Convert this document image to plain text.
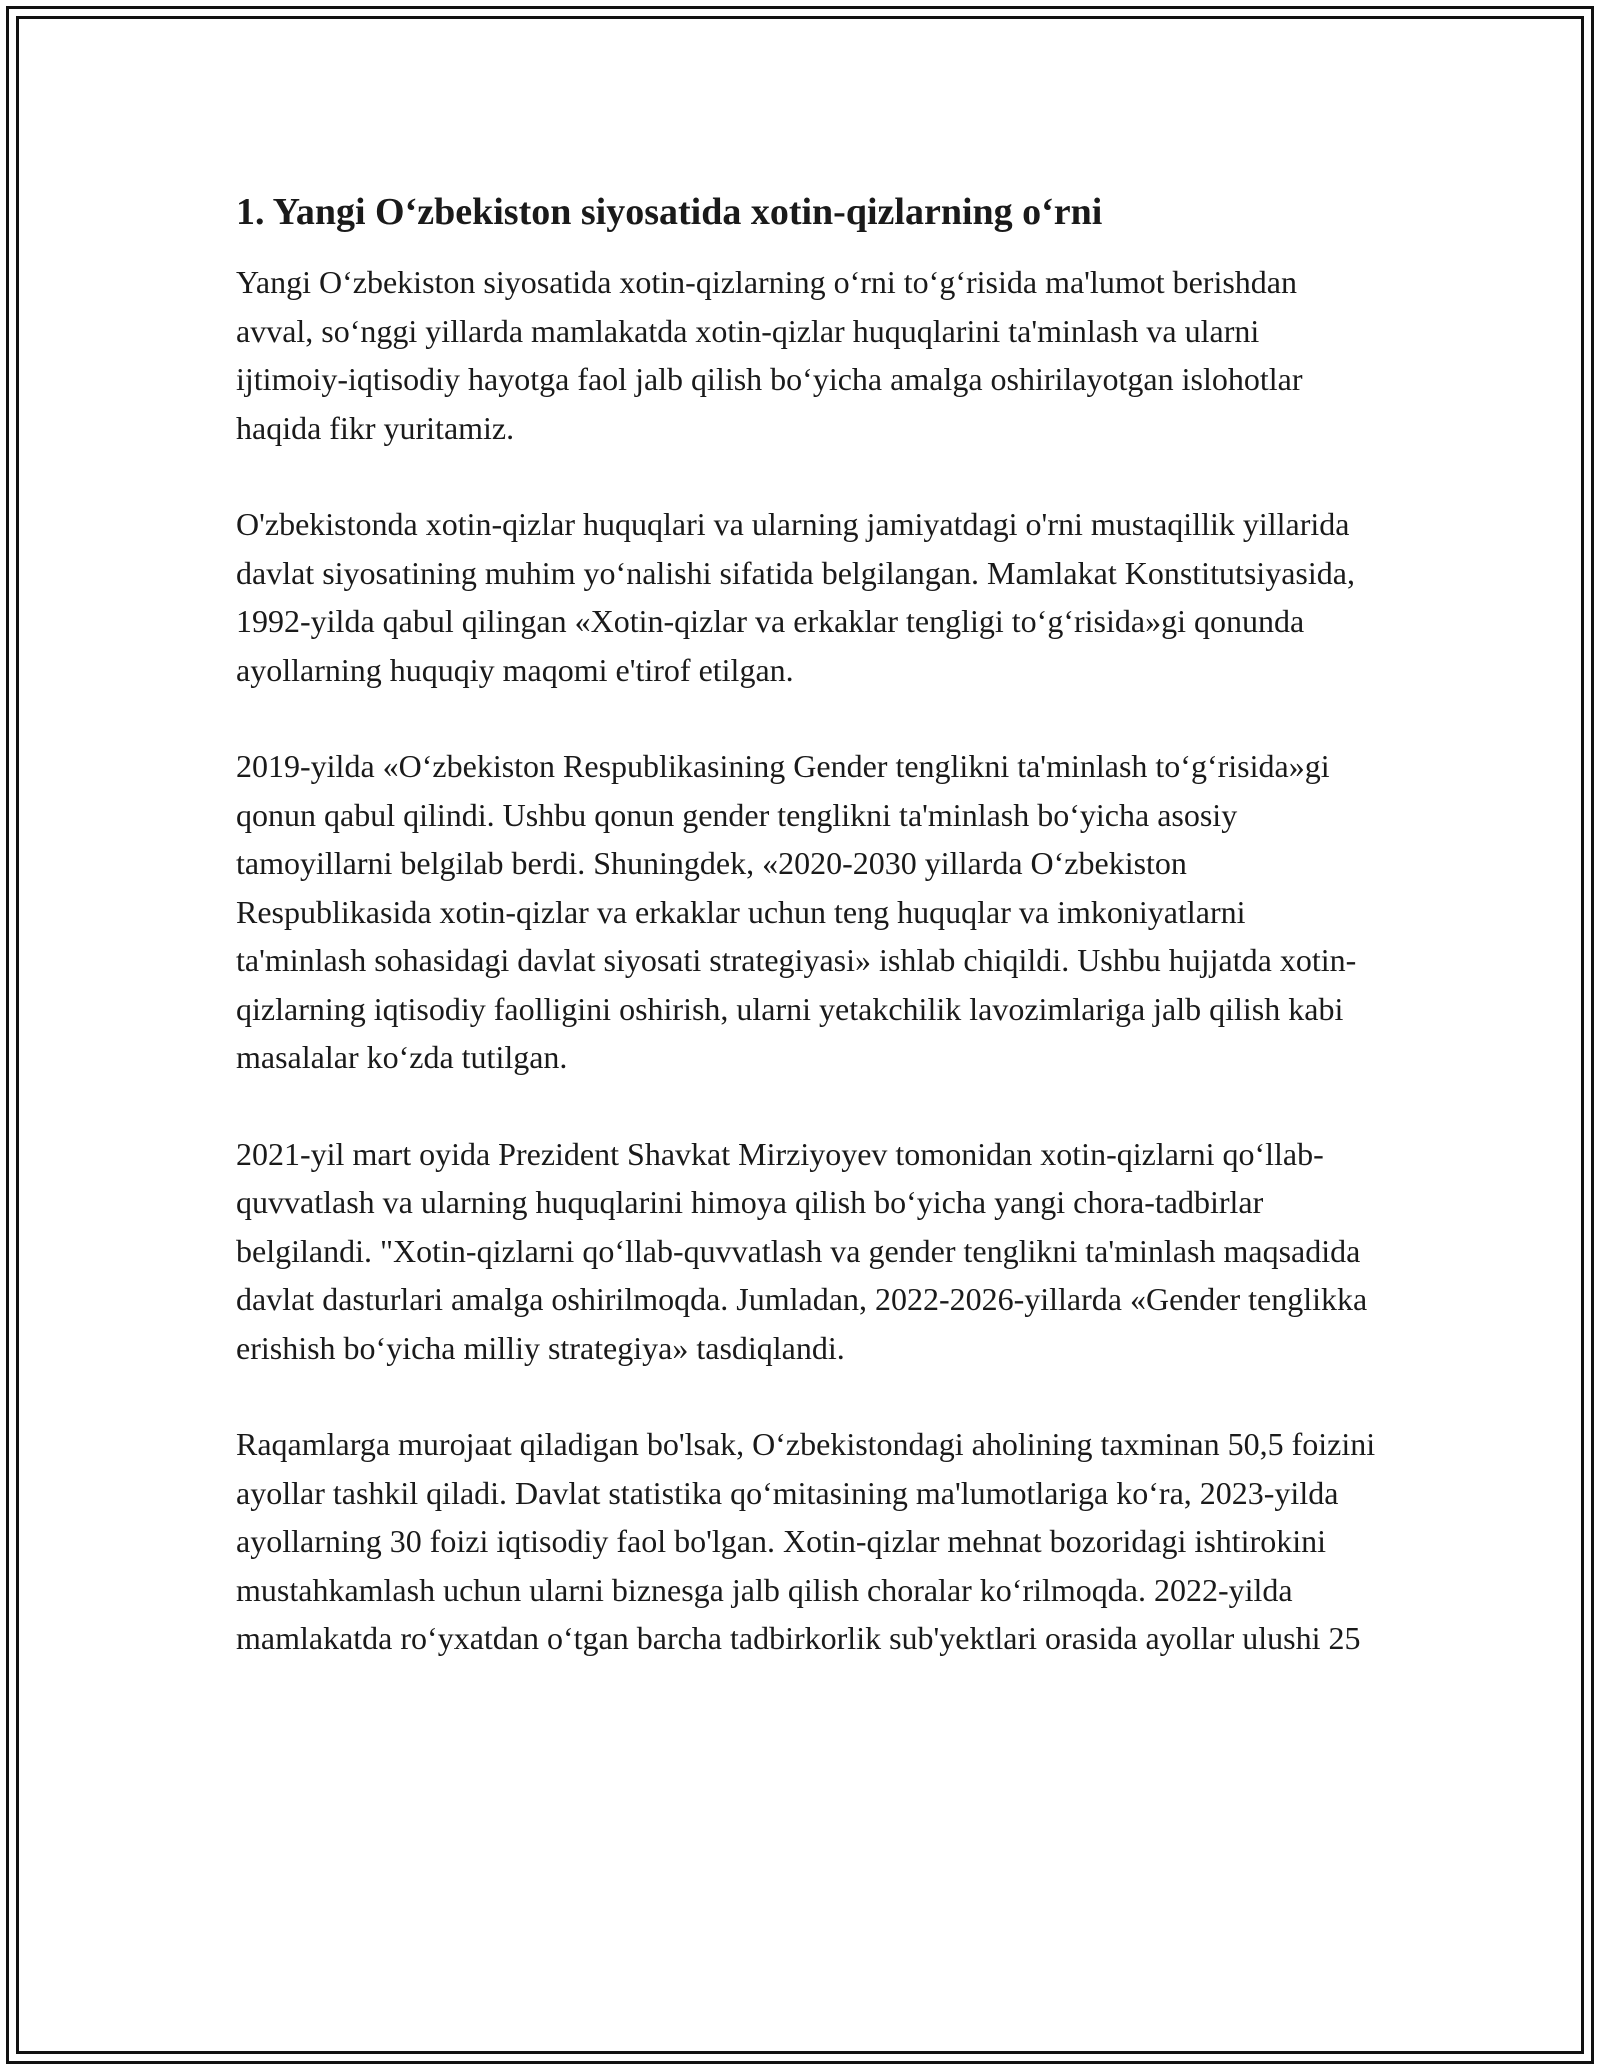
1. Yangi O‘zbekiston siyosatida xotin-qizlarning o‘rni

Yangi O‘zbekiston siyosatida xotin-qizlarning o‘rni to‘g‘risida ma'lumot berishdan avval, so‘nggi yillarda mamlakatda xotin-qizlar huquqlarini ta'minlash va ularni ijtimoiy-iqtisodiy hayotga faol jalb qilish bo‘yicha amalga oshirilayotgan islohotlar haqida fikr yuritamiz.

O'zbekistonda xotin-qizlar huquqlari va ularning jamiyatdagi o'rni mustaqillik yillarida davlat siyosatining muhim yo‘nalishi sifatida belgilangan. Mamlakat Konstitutsiyasida, 1992-yilda qabul qilingan «Xotin-qizlar va erkaklar tengligi to‘g‘risida»gi qonunda ayollarning huquqiy maqomi e'tirof etilgan.

2019-yilda «O‘zbekiston Respublikasining Gender tenglikni ta'minlash to‘g‘risida»gi qonun qabul qilindi. Ushbu qonun gender tenglikni ta'minlash bo‘yicha asosiy tamoyillarni belgilab berdi. Shuningdek, «2020-2030 yillarda O‘zbekiston Respublikasida xotin-qizlar va erkaklar uchun teng huquqlar va imkoniyatlarni ta'minlash sohasidagi davlat siyosati strategiyasi» ishlab chiqildi. Ushbu hujjatda xotin-qizlarning iqtisodiy faolligini oshirish, ularni yetakchilik lavozimlariga jalb qilish kabi masalalar ko‘zda tutilgan.

2021-yil mart oyida Prezident Shavkat Mirziyoyev tomonidan xotin-qizlarni qo‘llab-quvvatlash va ularning huquqlarini himoya qilish bo‘yicha yangi chora-tadbirlar belgilandi. "Xotin-qizlarni qo‘llab-quvvatlash va gender tenglikni ta'minlash maqsadida davlat dasturlari amalga oshirilmoqda. Jumladan, 2022-2026-yillarda «Gender tenglikka erishish bo‘yicha milliy strategiya» tasdiqlandi.

Raqamlarga murojaat qiladigan bo'lsak, O‘zbekistondagi aholining taxminan 50,5 foizini ayollar tashkil qiladi. Davlat statistika qo‘mitasining ma'lumotlariga ko‘ra, 2023-yilda ayollarning 30 foizi iqtisodiy faol bo'lgan. Xotin-qizlar mehnat bozoridagi ishtirokini mustahkamlash uchun ularni biznesga jalb qilish choralar ko‘rilmoqda. 2022-yilda mamlakatda ro‘yxatdan o‘tgan barcha tadbirkorlik sub'yektlari orasida ayollar ulushi 25
